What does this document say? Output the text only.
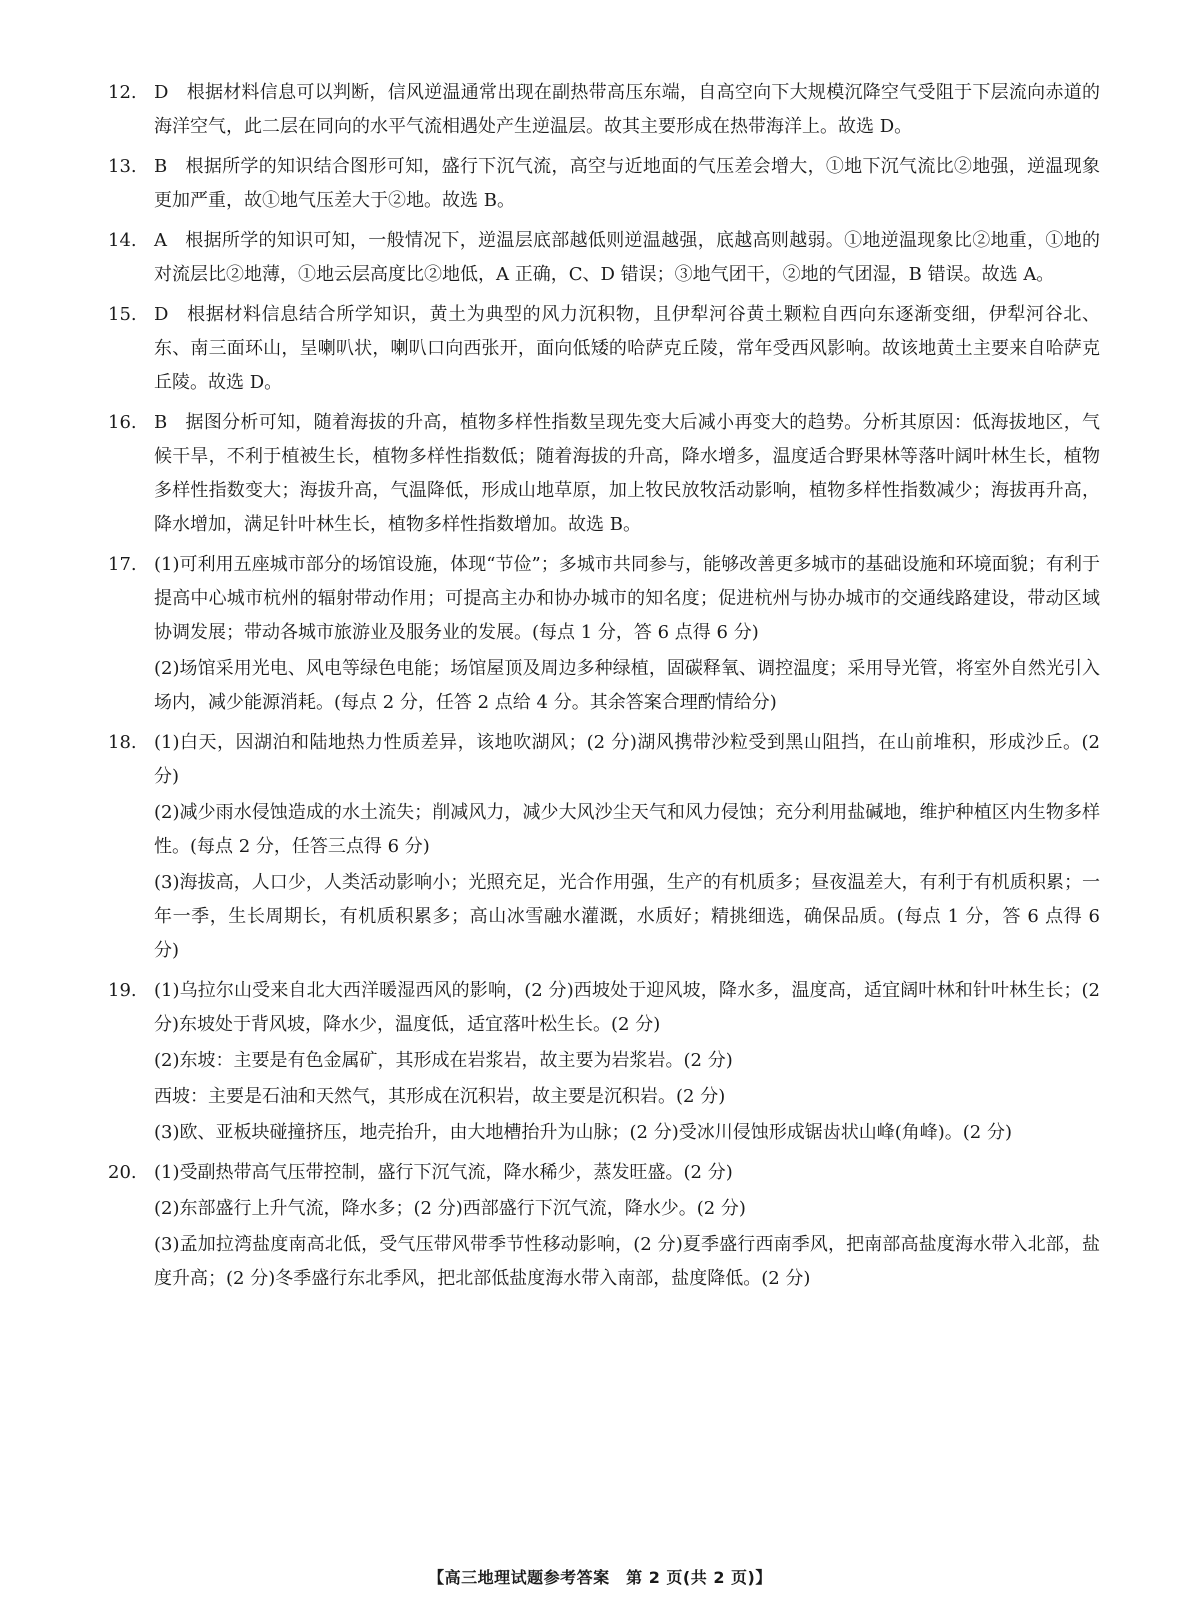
12. D 根据材料信息可以判断，信风逆温通常出现在副热带高压东端，自高空向下大规模沉降空气受阻于下层流向赤道的海洋空气，此二层在同向的水平气流相遇处产生逆温层。故其主要形成在热带海洋上。故选 D。
13. B 根据所学的知识结合图形可知，盛行下沉气流，高空与近地面的气压差会增大，①地下沉气流比②地强，逆温现象更加严重，故①地气压差大于②地。故选 B。
14. A 根据所学的知识可知，一般情况下，逆温层底部越低则逆温越强，底越高则越弱。①地逆温现象比②地重，①地的对流层比②地薄，①地云层高度比②地低，A 正确，C、D 错误；③地气团干，②地的气团湿，B 错误。故选 A。
15. D 根据材料信息结合所学知识，黄土为典型的风力沉积物，且伊犁河谷黄土颗粒自西向东逐渐变细，伊犁河谷北、东、南三面环山，呈喇叭状，喇叭口向西张开，面向低矮的哈萨克丘陵，常年受西风影响。故该地黄土主要来自哈萨克丘陵。故选 D。
16. B 据图分析可知，随着海拔的升高，植物多样性指数呈现先变大后减小再变大的趋势。分析其原因：低海拔地区，气候干旱，不利于植被生长，植物多样性指数低；随着海拔的升高，降水增多，温度适合野果林等落叶阔叶林生长，植物多样性指数变大；海拔升高，气温降低，形成山地草原，加上牧民放牧活动影响，植物多样性指数减少；海拔再升高，降水增加，满足针叶林生长，植物多样性指数增加。故选 B。
17. (1)可利用五座城市部分的场馆设施，体现“节俭”；多城市共同参与，能够改善更多城市的基础设施和环境面貌；有利于提高中心城市杭州的辐射带动作用；可提高主办和协办城市的知名度；促进杭州与协办城市的交通线路建设，带动区域协调发展；带动各城市旅游业及服务业的发展。(每点 1 分，答 6 点得 6 分)
(2)场馆采用光电、风电等绿色电能；场馆屋顶及周边多种绿植，固碳释氧、调控温度；采用导光管，将室外自然光引入场内，减少能源消耗。(每点 2 分，任答 2 点给 4 分。其余答案合理酌情给分)
18. (1)白天，因湖泊和陆地热力性质差异，该地吹湖风；(2 分)湖风携带沙粒受到黑山阻挡，在山前堆积，形成沙丘。(2 分)
(2)减少雨水侵蚀造成的水土流失；削减风力，减少大风沙尘天气和风力侵蚀；充分利用盐碱地，维护种植区内生物多样性。(每点 2 分，任答三点得 6 分)
(3)海拔高，人口少，人类活动影响小；光照充足，光合作用强，生产的有机质多；昼夜温差大，有利于有机质积累；一年一季，生长周期长，有机质积累多；高山冰雪融水灌溉，水质好；精挑细选，确保品质。(每点 1 分，答 6 点得 6 分)
19. (1)乌拉尔山受来自北大西洋暖湿西风的影响，(2 分)西坡处于迎风坡，降水多，温度高，适宜阔叶林和针叶林生长；(2 分)东坡处于背风坡，降水少，温度低，适宜落叶松生长。(2 分)
(2)东坡：主要是有色金属矿，其形成在岩浆岩，故主要为岩浆岩。(2 分)
西坡：主要是石油和天然气，其形成在沉积岩，故主要是沉积岩。(2 分)
(3)欧、亚板块碰撞挤压，地壳抬升，由大地槽抬升为山脉；(2 分)受冰川侵蚀形成锯齿状山峰(角峰)。(2 分)
20. (1)受副热带高气压带控制，盛行下沉气流，降水稀少，蒸发旺盛。(2 分)
(2)东部盛行上升气流，降水多；(2 分)西部盛行下沉气流，降水少。(2 分)
(3)孟加拉湾盐度南高北低，受气压带风带季节性移动影响，(2 分)夏季盛行西南季风，把南部高盐度海水带入北部，盐度升高；(2 分)冬季盛行东北季风，把北部低盐度海水带入南部，盐度降低。(2 分)
【高三地理试题参考答案　第 2 页(共 2 页)】
